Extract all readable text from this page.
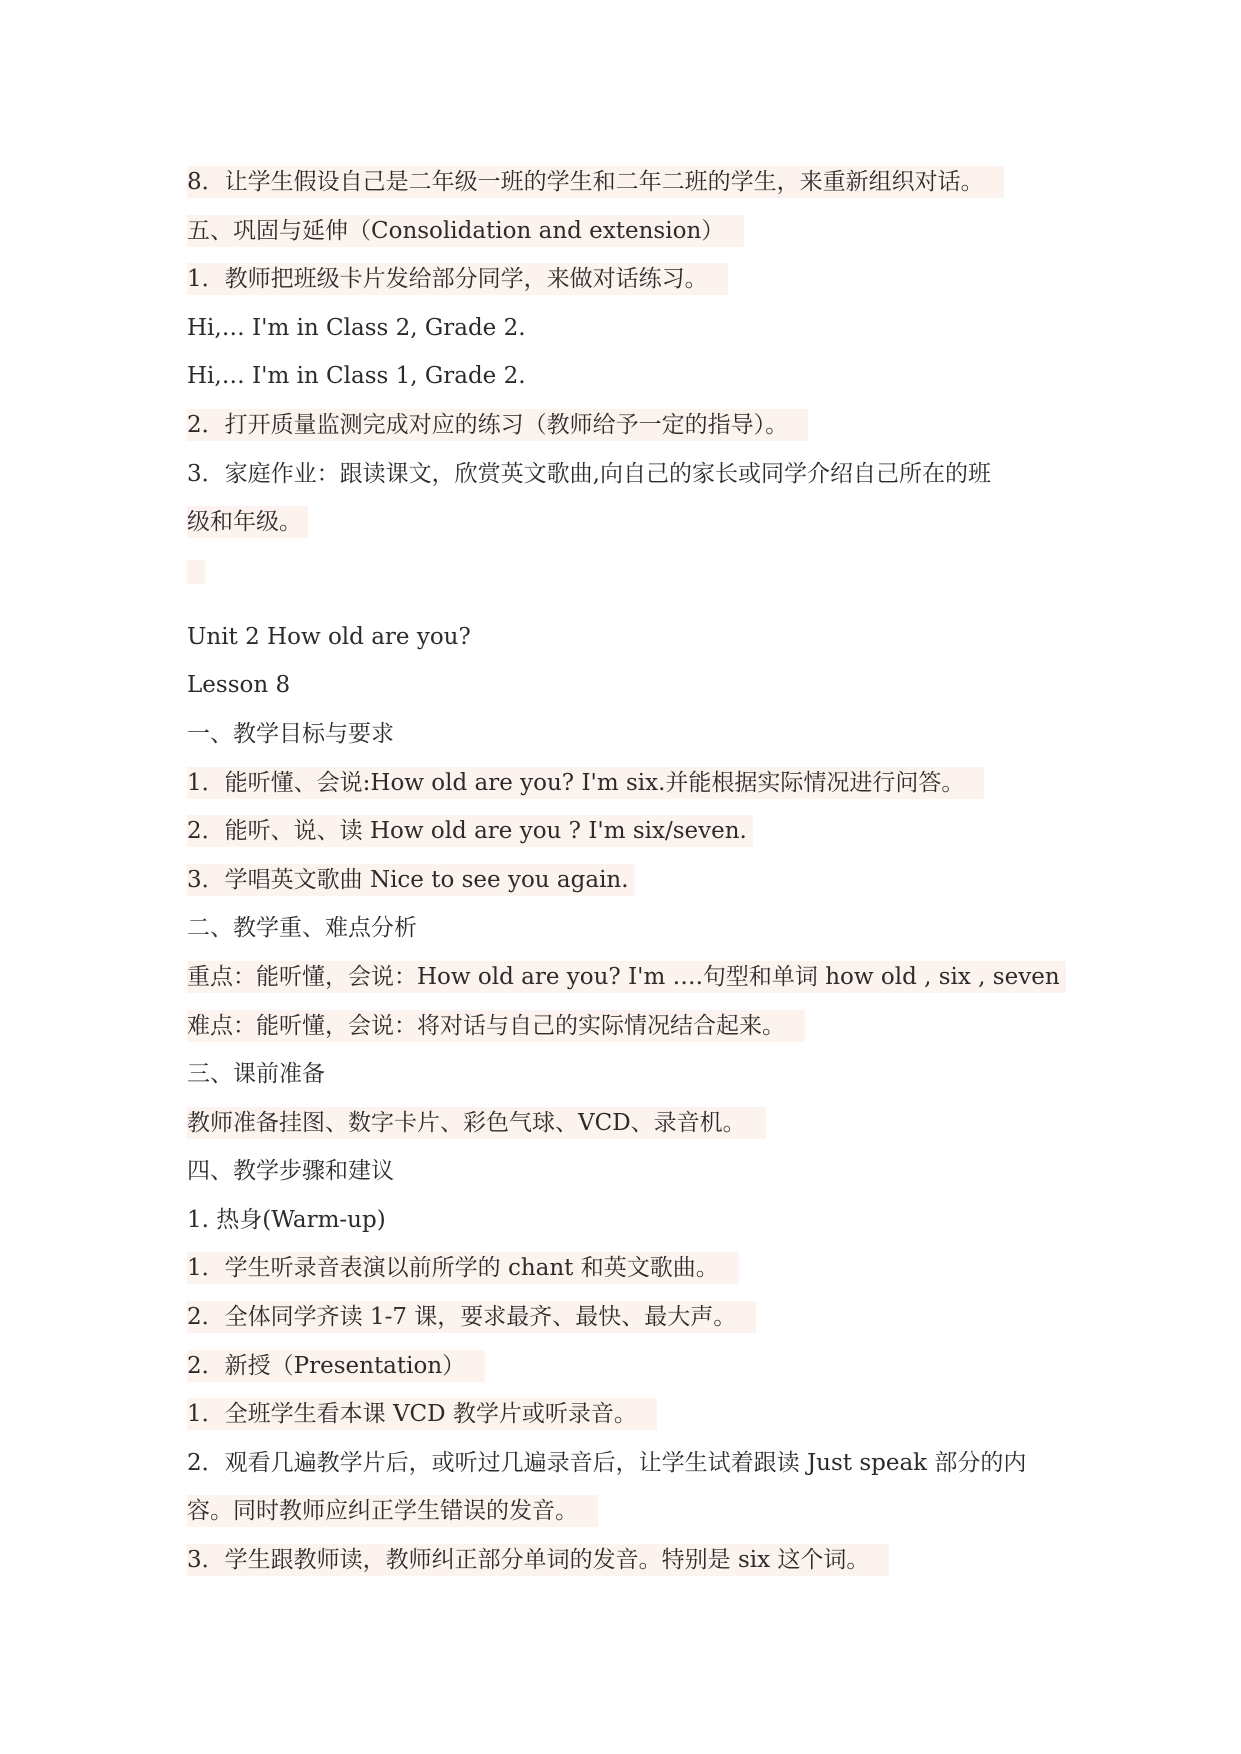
8．让学生假设自己是二年级一班的学生和二年二班的学生，来重新组织对话。
五、巩固与延伸（Consolidation and extension）
1．教师把班级卡片发给部分同学，来做对话练习。
Hi,… I'm in Class 2, Grade 2.
Hi,… I'm in Class 1, Grade 2.
2．打开质量监测完成对应的练习（教师给予一定的指导）。
3．家庭作业：跟读课文，欣赏英文歌曲,向自己的家长或同学介绍自己所在的班
级和年级。
Unit 2 How old are you?
Lesson 8
一、教学目标与要求
1．能听懂、会说:How old are you? I'm six.并能根据实际情况进行问答。
2．能听、说、读 How old are you ? I'm six/seven.
3．学唱英文歌曲 Nice to see you again.
二、教学重、难点分析
重点：能听懂，会说：How old are you? I'm ….句型和单词 how old , six , seven
难点：能听懂，会说：将对话与自己的实际情况结合起来。
三、课前准备
教师准备挂图、数字卡片、彩色气球、VCD、录音机。
四、教学步骤和建议
1. 热身(Warm-up)
1．学生听录音表演以前所学的 chant 和英文歌曲。
2．全体同学齐读 1-7 课，要求最齐、最快、最大声。
2．新授（Presentation）
1．全班学生看本课 VCD 教学片或听录音。
2．观看几遍教学片后，或听过几遍录音后，让学生试着跟读 Just speak 部分的内
容。同时教师应纠正学生错误的发音。
3．学生跟教师读，教师纠正部分单词的发音。特别是 six 这个词。
